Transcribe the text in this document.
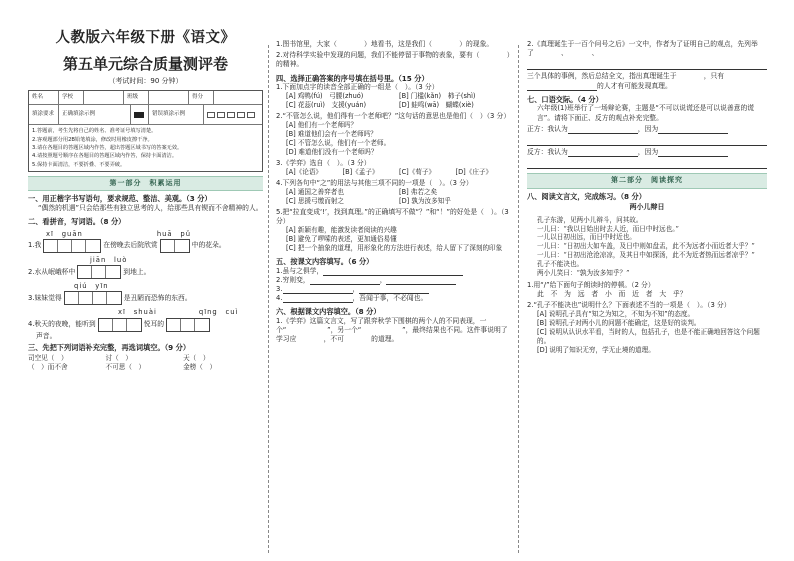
人教版六年级下册《语文》
第五单元综合质量测评卷
（考试时间：90 分钟）
姓名	学校	班级	得分
填涂要求	正确填涂示例	错误填涂示例
1.答题前，考生先将自己的姓名、准考证号填写清楚。
2.客观题部分用2B铅笔填涂，修改时用橡皮擦干净。
3.请在各题目的答题区域内作答，超出答题区域书写的答案无效。
4.请按照题号顺序在各题目的答题区域内作答，保持卡面清洁。
5.保持卡面清洁，不要折叠、不要弄破。
第一部分　积累运用
一、用正楷字书写语句，要求规范、整洁、美观。（3 分）
“偶然的机遇”只会给那些有独立思考的人，给那些具有锲而不舍精神的人。
二、看拼音，写词语。（8 分）
xī　guān	huā　pǔ
1.我	在傍晚去后院欣赏	中的花朵。
jiān　luò
2.水从岷峨杯中	到地上。
qiú　yīn
3.妹妹觉得	是丑陋而恐怖的东西。
xī　shuài	qīng　cuì
4.秋天的夜晚，能听到	悦耳的
声音。
三、先把下列词语补充完整，再选词填空。（9 分）
司空见（　）	讨（　）	天（　）
（　）而不舍	不可思（　）	金榜（　）
1.图书馆里，大家（　　　　）地看书，这是我们（　　　　）的现象。
2.对待科学实验中发现的问题，我们不能停留于事物的表象，要有（　　　　）的精神。
四、选择正确答案的序号填在括号里。（15 分）
1.下面加点字的读音全部正确的一组是（　）。（3 分）
[A] 鸡鸭(fú)　弓腰(zhuó)	[B] 门槛(kǎn)　柿子(shì)
[C] 花蕊(ruì)　支援(yuán)	[D] 蛙鸣(wā)　蝴蝶(xiè)
2.“不管怎么说，他们得有一个老师吧？”这句话的意思也是他们（　）（3 分）
[A] 他们有一个老师吗？
[B] 难道他们会有一个老师吗？
[C] 不管怎么说，他们有一个老师。
[D] 难道他们没有一个老师吗？
3.《学弈》选自（　）。（3 分）
[A]《论语》	[B]《孟子》	[C]《荀子》	[D]《庄子》
4.下列各句中“之”的用法与其他三项不同的一项是（　）。（3 分）
[A] 通国之善弈者也	[B] 弗若之矣
[C] 思援弓缴而射之	[D] 孰为汝多知乎
5.把“拉直变成‘!’，找到真理。”的正确填写不做“？”和“！”的好处是（　）。（3 分）
[A] 新颖有趣，能激发读者阅读的兴趣
[B] 避免了啰嗦的表述，更加通俗易懂
[C] 把一个抽象的道理，用形象化的方法进行表述，给人留下了深刻的印象
五、按课文内容填写。（6 分）
1.虽与之俱学，
2.穷则变，	，
3.	，
4.	，吾闻于事，不必闻也。
六、根据课文内容填空。（8 分）
1.《学弈》这篇文言文，写了跟弈秋学下围棋的两个人的不同表现，一个“　　　　　　”，另一个“　　　　　　”，最终结果也不同。这件事说明了学习应　　　　，不可　　　　的道理。
2.《真理诞生于一百个问号之后》一文中，作者为了证明自己的观点，先列举了　　　　、　　　　、
三个具体的事例，然后总结全文，指出真理诞生于　　　　，只有
的人才有可能发现真理。
七、口语交际。（4 分）
六年级(1)班举行了一场辩论赛，主题是“不可以说谎还是可以说善意的谎言”。请将下面正、反方的观点补充完整。
正方：我认为	，因为
反方：我认为	，因为
第二部分　阅读探究
八、阅读文言文，完成练习。（8 分）
两小儿辩日
孔子东游，见两小儿辩斗，问其故。
一儿曰：“我以日始出时去人近，而日中时远也。”
一儿以日初出远，而日中时近也。
一儿曰：“日初出大如车盖，及日中则如盘盂，此不为远者小而近者大乎？”
一儿曰：“日初出沧沧凉凉，及其日中如探汤，此不为近者热而远者凉乎？”
孔子不能决也。
两小儿笑曰：“孰为汝多知乎？”
1.用“/”给下面句子朗读时的停顿。（2 分）
此　不　为　远　者　小　而　近　者　大　乎？
2.“孔子不能决也”说明什么？下面表述不当的一项是（　）。（3 分）
[A] 说明孔子具有“知之为知之，不知为不知”的态度。
[B] 说明孔子对两小儿的问题不能确定，这是好的谈判。
[C] 说明从认识水平看，当时的人，包括孔子，也是不能正确地回答这个问题的。
[D] 说明了知识无穷，学无止境的道理。
